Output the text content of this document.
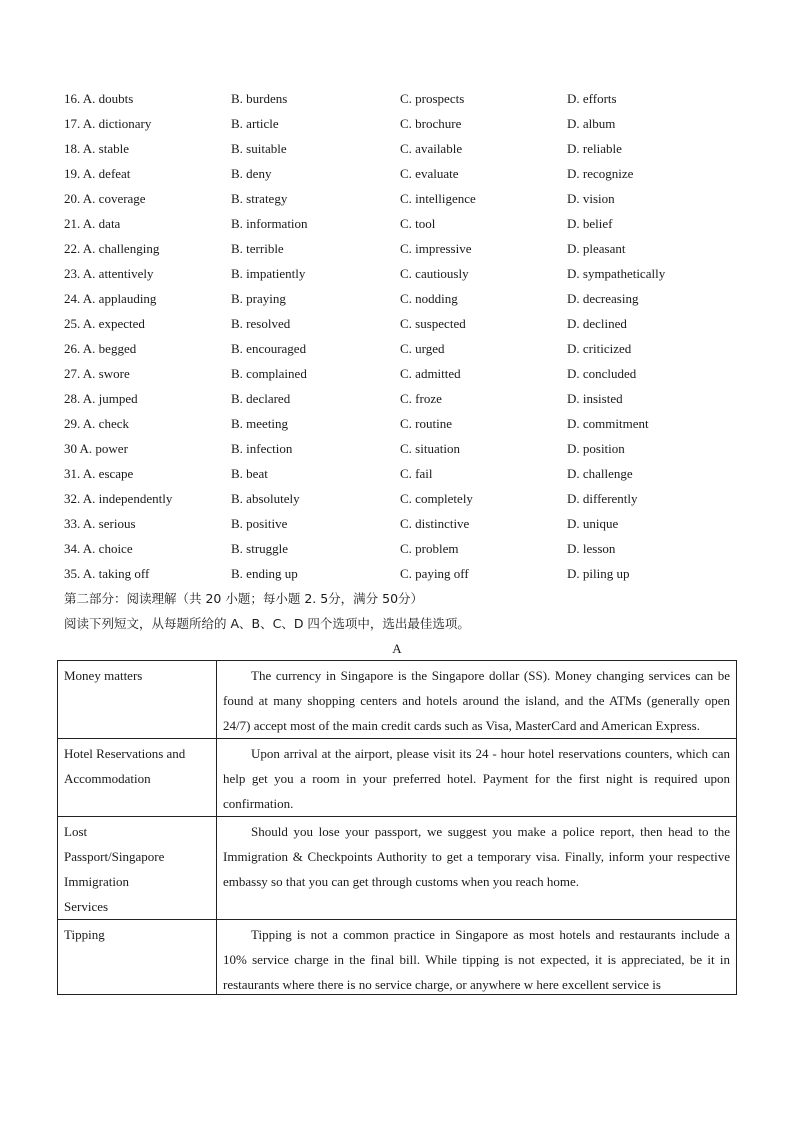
16. A. doubts	B. burdens	C. prospects	D. efforts
17. A. dictionary	B. article	C. brochure	D. album
18. A. stable	B. suitable	C. available	D. reliable
19. A. defeat	B. deny	C. evaluate	D. recognize
20. A. coverage	B. strategy	C. intelligence	D. vision
21. A. data	B. information	C. tool	D. belief
22. A. challenging	B. terrible	C. impressive	D. pleasant
23. A. attentively	B. impatiently	C. cautiously	D. sympathetically
24. A. applauding	B. praying	C. nodding	D. decreasing
25. A. expected	B. resolved	C. suspected	D. declined
26. A. begged	B. encouraged	C. urged	D. criticized
27. A. swore	B. complained	C. admitted	D. concluded
28. A. jumped	B. declared	C. froze	D. insisted
29. A. check	B. meeting	C. routine	D. commitment
30 A. power	B. infection	C. situation	D. position
31. A. escape	B. beat	C. fail	D. challenge
32. A. independently	B. absolutely	C. completely	D. differently
33. A. serious	B. positive	C. distinctive	D. unique
34. A. choice	B. struggle	C. problem	D. lesson
35. A. taking off	B. ending up	C. paying off	D. piling up
第二部分：阅读理解（共 20 小题；每小题 2. 5分，满分 50分）
阅读下列短文，从每题所给的 A、B、C、D 四个选项中，选出最佳选项。
A
Money matters	The currency in Singapore is the Singapore dollar (SS). Money changing services can be found at many shopping centers and hotels around the island, and the ATMs (generally open 24/7) accept most of the main credit cards such as Visa, MasterCard and American Express.
Hotel Reservations and Accommodation	Upon arrival at the airport, please visit its 24 - hour hotel reservations counters, which can help get you a room in your preferred hotel. Payment for the first night is required upon confirmation.
Lost Passport/Singapore Immigration Services	Should you lose your passport, we suggest you make a police report, then head to the Immigration & Checkpoints Authority to get a temporary visa. Finally, inform your respective embassy so that you can get through customs when you reach home.
Tipping	Tipping is not a common practice in Singapore as most hotels and restaurants include a 10% service charge in the final bill. While tipping is not expected, it is appreciated, be it in restaurants where there is no service charge, or anywhere w here excellent service is
